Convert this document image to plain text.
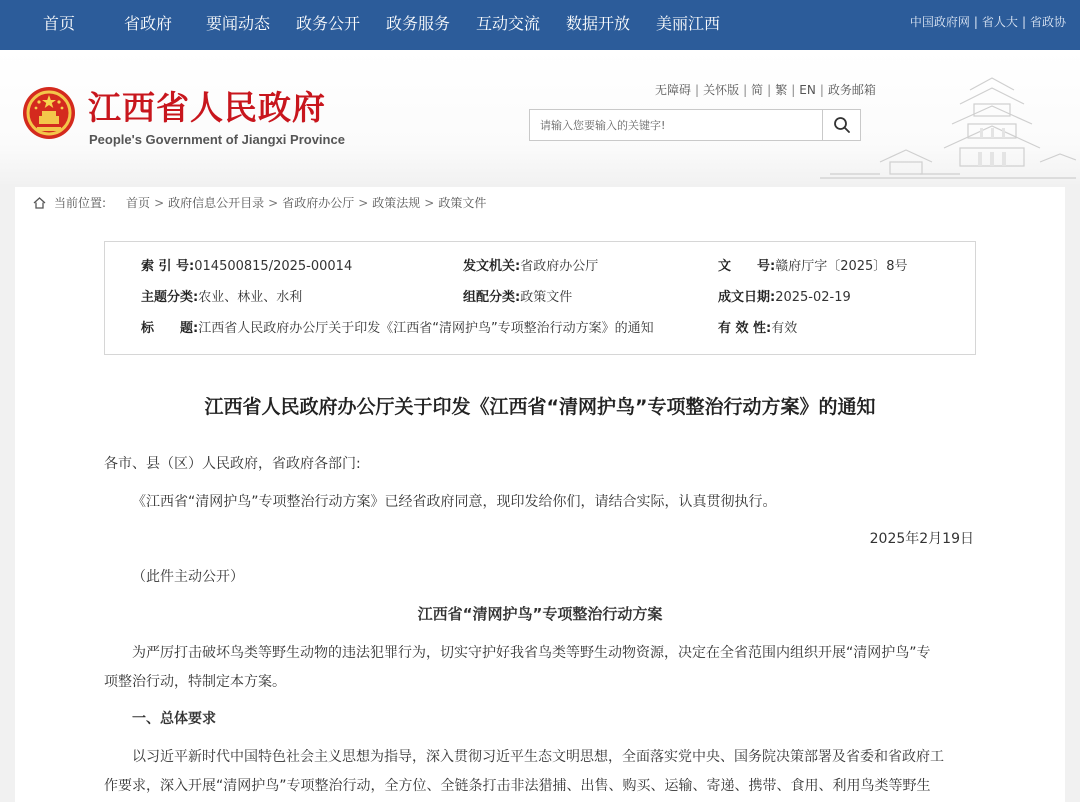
首页	省政府 要闻动态 政务公开 政务服务 互动交流 数据开放 美丽江西	中国政府网 | 省人大 | 省政协
江西省人民政府
People's Government of Jiangxi Province
无障碍 | 关怀版 | 简 | 繁 | EN | 政务邮箱
请输入您要输入的关键字!
当前位置: 首页 > 政府信息公开目录 > 省政府办公厅 > 政策法规 > 政策文件
索 引 号:014500815/2025-00014	发文机关:省政府办公厅	文　　号:赣府厅字〔2025〕8号
主题分类:农业、林业、水利	组配分类:政策文件	成文日期:2025-02-19
标　　题:江西省人民政府办公厅关于印发《江西省“清网护鸟”专项整治行动方案》的通知	有 效 性:有效
江西省人民政府办公厅关于印发《江西省“清网护鸟”专项整治行动方案》的通知
各市、县（区）人民政府，省政府各部门:
《江西省“清网护鸟”专项整治行动方案》已经省政府同意，现印发给你们，请结合实际，认真贯彻执行。
2025年2月19日
（此件主动公开）
江西省“清网护鸟”专项整治行动方案
为严厉打击破坏鸟类等野生动物的违法犯罪行为，切实守护好我省鸟类等野生动物资源，决定在全省范围内组织开展“清网护鸟”专
项整治行动，特制定本方案。
一、总体要求
以习近平新时代中国特色社会主义思想为指导，深入贯彻习近平生态文明思想，全面落实党中央、国务院决策部署及省委和省政府工
作要求，深入开展“清网护鸟”专项整治行动，全方位、全链条打击非法猎捕、出售、购买、运输、寄递、携带、食用、利用鸟类等野生
